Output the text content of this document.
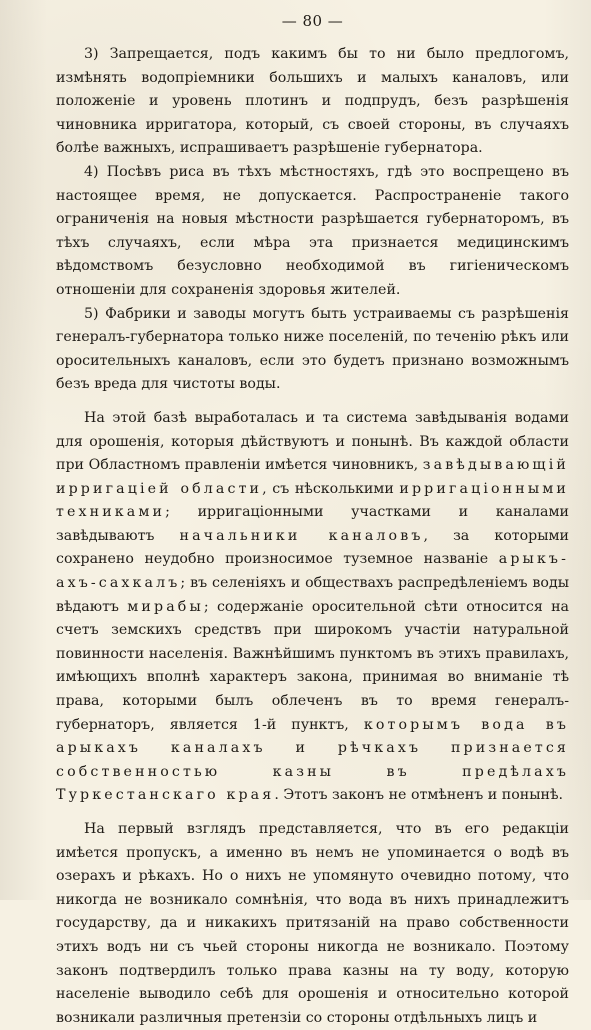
— 80 —

3) Запрещается, подъ какимъ бы то ни было предлогомъ, измѣнять водопріемники большихъ и малыхъ каналовъ, или положеніе и уровень плотинъ и подпрудъ, безъ разрѣшенія чиновника ирригатора, который, съ своей стороны, въ случаяхъ болѣе важныхъ, испрашиваетъ разрѣшеніе губернатора.

4) Посѣвъ риса въ тѣхъ мѣстностяхъ, гдѣ это воспрещено въ настоящее время, не допускается. Распространеніе такого ограниченія на новыя мѣстности разрѣшается губернаторомъ, въ тѣхъ случаяхъ, если мѣра эта признается медицинскимъ вѣдомствомъ безусловно необходимой въ гигіеническомъ отношеніи для сохраненія здоровья жителей.

5) Фабрики и заводы могутъ быть устраиваемы съ разрѣшенія генералъ-губернатора только ниже поселеній, по теченію рѣкъ или оросительныхъ каналовъ, если это будетъ признано возможнымъ безъ вреда для чистоты воды.

На этой базѣ выработалась и та система завѣдыванія водами для орошенія, которыя дѣйствуютъ и понынѣ. Въ каждой области при Областномъ правленіи имѣется чиновникъ, завѣдывающій ирригаціей области, съ нѣсколькими ирригаціонными техниками; ирригаціонными участками и каналами завѣдываютъ начальники каналовъ, за которыми сохранено неудобно произносимое туземное названіе арыкъ-ахъ-сахкалъ; въ селеніяхъ и обществахъ распредѣленіемъ воды вѣдаютъ мирабы; содержаніе оросительной сѣти относится на счетъ земскихъ средствъ при широкомъ участіи натуральной повинности населенія. Важнѣйшимъ пунктомъ въ этихъ правилахъ, имѣющихъ вполнѣ характеръ закона, принимая во вниманіе тѣ права, которыми былъ облеченъ въ то время генералъ-губернаторъ, является 1-й пунктъ, которымъ вода въ арыкахъ каналахъ и рѣчкахъ признается собственностью казны въ предѣлахъ Туркестанскаго края. Этотъ законъ не отмѣненъ и понынѣ.

На первый взглядъ представляется, что въ его редакціи имѣется пропускъ, а именно въ немъ не упоминается о водѣ въ озерахъ и рѣкахъ. Но о нихъ не упомянуто очевидно потому, что никогда не возникало сомнѣнія, что вода въ нихъ принадлежитъ государству, да и никакихъ притязаній на право собственности этихъ водъ ни съ чьей стороны никогда не возникало. Поэтому законъ подтвердилъ только права казны на ту воду, которую населеніе выводило себѣ для орошенія и относительно которой возникали различныя претензіи со стороны отдѣльныхъ лицъ и
